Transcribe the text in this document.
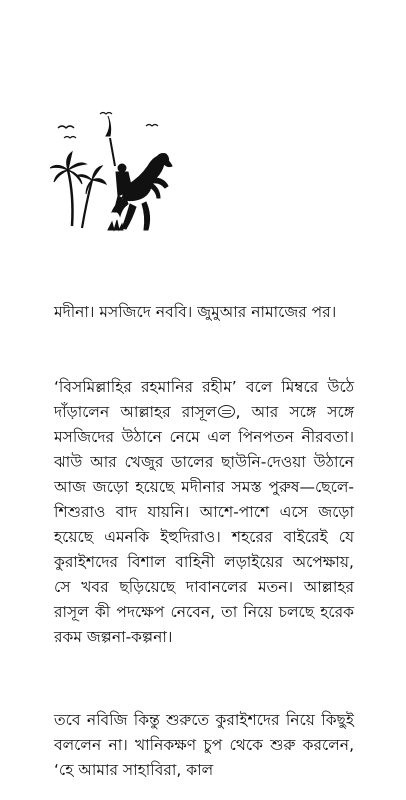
মদীনা। মসজিদে নববি। জুমুআর নামাজের পর।

‘বিসমিল্লাহির রহমানির রহীম’ বলে মিম্বরে উঠে দাঁড়ালেন আল্লাহর রাসূল , আর সঙ্গে সঙ্গে মসজিদের উঠানে নেমে এল পিনপতন নীরবতা। ঝাউ আর খেজুর ডালের ছাউনি-দেওয়া উঠানে আজ জড়ো হয়েছে মদীনার সমস্ত পুরুষ—ছেলে-শিশুরাও বাদ যায়নি। আশে-পাশে এসে জড়ো হয়েছে এমনকি ইহুদিরাও। শহরের বাইরেই যে কুরাইশদের বিশাল বাহিনী লড়াইয়ের অপেক্ষায়, সে খবর ছড়িয়েছে দাবানলের মতন। আল্লাহর রাসূল কী পদক্ষেপ নেবেন, তা নিয়ে চলছে হরেক রকম জল্পনা-কল্পনা।

তবে নবিজি কিন্তু শুরুতে কুরাইশদের নিয়ে কিছুই বললেন না। খানিকক্ষণ চুপ থেকে শুরু করলেন, ‘হে আমার সাহাবিরা, কাল
